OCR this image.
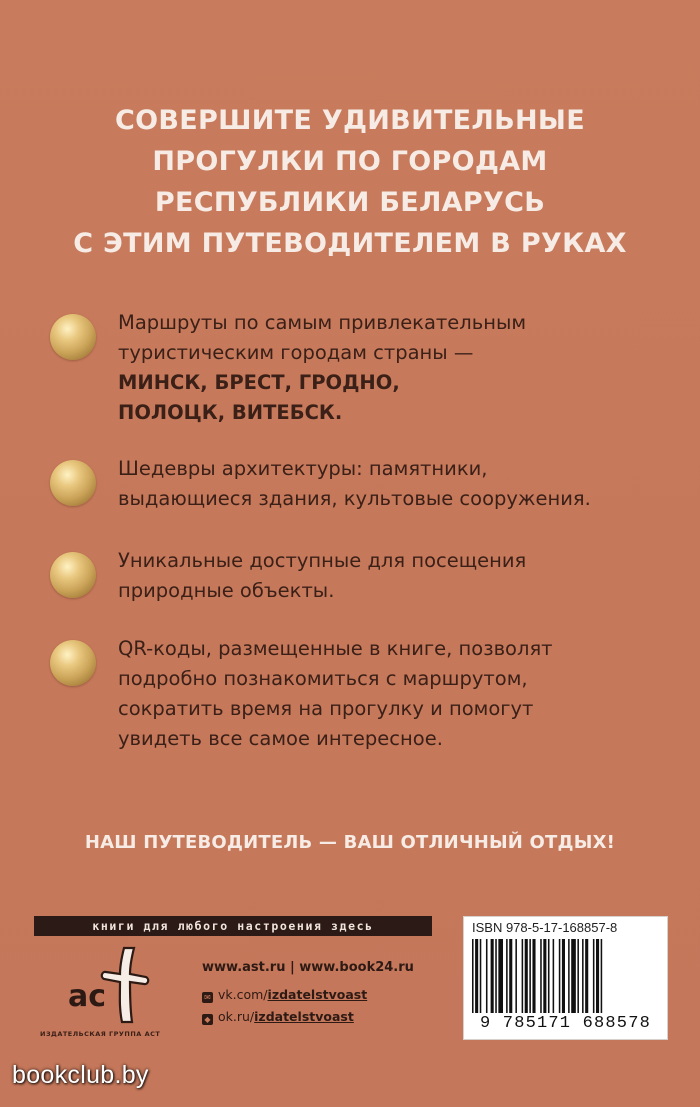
СОВЕРШИТЕ УДИВИТЕЛЬНЫЕ
ПРОГУЛКИ ПО ГОРОДАМ
РЕСПУБЛИКИ БЕЛАРУСЬ
С ЭТИМ ПУТЕВОДИТЕЛЕМ В РУКАХ
Маршруты по самым привлекательным
туристическим городам страны —
МИНСК, БРЕСТ, ГРОДНО,
ПОЛОЦК, ВИТЕБСК.
Шедевры архитектуры: памятники,
выдающиеся здания, культовые сооружения.
Уникальные доступные для посещения
природные объекты.
QR-коды, размещенные в книге, позволят
подробно познакомиться с маршрутом,
сократить время на прогулку и помогут
увидеть все самое интересное.
НАШ ПУТЕВОДИТЕЛЬ — ВАШ ОТЛИЧНЫЙ ОТДЫХ!
книги для любого настроения здесь
ас
ИЗДАТЕЛЬСКАЯ ГРУППА АСТ
www.ast.ru | www.book24.ru
✉ vk.com/izdatelstvoast
◆ ok.ru/izdatelstvoast
ISBN 978-5-17-168857-8
9 785171 688578
bookclub.by
